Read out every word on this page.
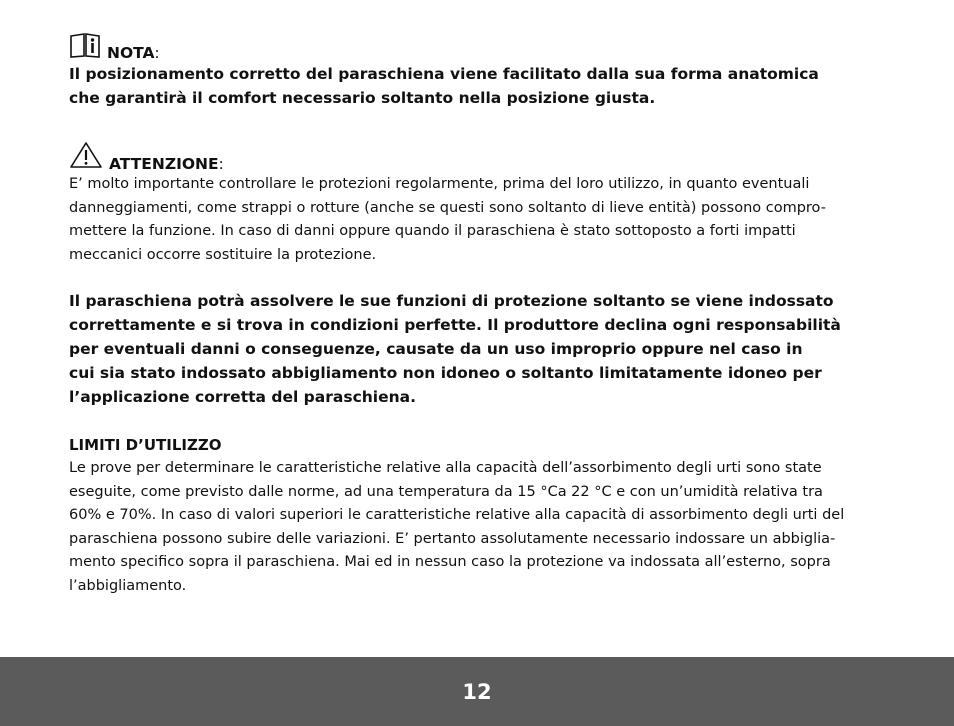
NOTA :

Il posizionamento corretto del paraschiena viene facilitato dalla sua forma anatomica
che garantirà il comfort necessario soltanto nella posizione giusta.

ATTENZIONE :

E’ molto importante controllare le protezioni regolarmente, prima del loro utilizzo, in quanto eventuali
danneggiamenti, come strappi o rotture (anche se questi sono soltanto di lieve entità) possono compro-
mettere la funzione. In caso di danni oppure quando il paraschiena è stato sottoposto a forti impatti
meccanici occorre sostituire la protezione.

Il paraschiena potrà assolvere le sue funzioni di protezione soltanto se viene indossato
correttamente e si trova in condizioni perfette. Il produttore declina ogni responsabilità
per eventuali danni o conseguenze, causate da un uso improprio oppure nel caso in
cui sia stato indossato abbigliamento non idoneo o soltanto limitatamente idoneo per
l’applicazione corretta del paraschiena.

LIMITI D’UTILIZZO

Le prove per determinare le caratteristiche relative alla capacità dell’assorbimento degli urti sono state
eseguite, come previsto dalle norme, ad una temperatura da 15 °Ca 22 °C e con un’umidità relativa tra
60% e 70%. In caso di valori superiori le caratteristiche relative alla capacità di assorbimento degli urti del
paraschiena possono subire delle variazioni. E’ pertanto assolutamente necessario indossare un abbiglia-
mento specifico sopra il paraschiena. Mai ed in nessun caso la protezione va indossata all’esterno, sopra
l’abbigliamento.

12
